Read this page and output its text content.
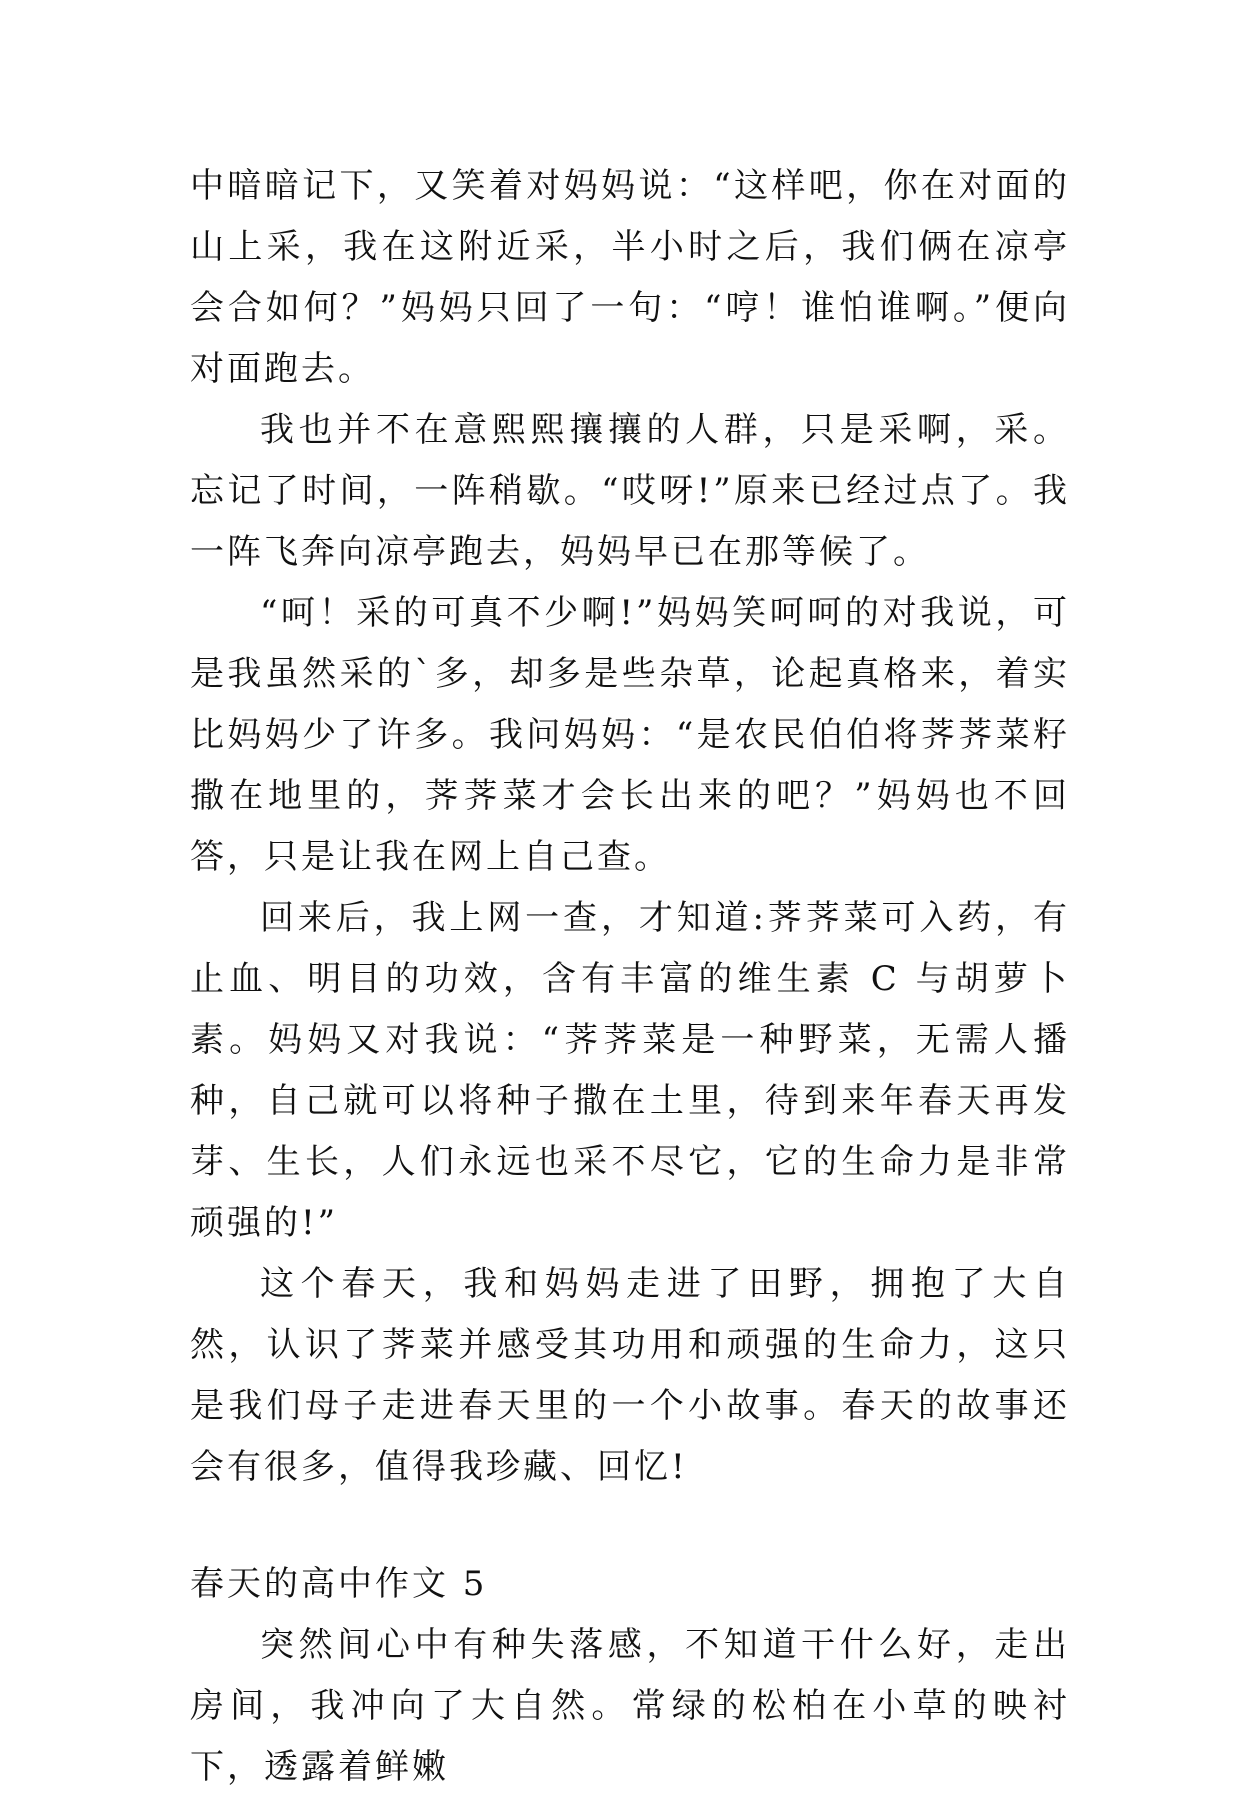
中暗暗记下，又笑着对妈妈说：“这样吧，你在对面的山上采，我在这附近采，半小时之后，我们俩在凉亭会合如何？”妈妈只回了一句：“哼！谁怕谁啊。”便向对面跑去。

我也并不在意熙熙攘攘的人群，只是采啊，采。忘记了时间，一阵稍歇。“哎呀!”原来已经过点了。我一阵飞奔向凉亭跑去，妈妈早已在那等候了。

“呵！采的可真不少啊!”妈妈笑呵呵的对我说，可是我虽然采的`多，却多是些杂草，论起真格来，着实比妈妈少了许多。我问妈妈：“是农民伯伯将荠荠菜籽撒在地里的，荠荠菜才会长出来的吧？”妈妈也不回答，只是让我在网上自己查。

回来后，我上网一查，才知道:荠荠菜可入药，有止血、明目的功效，含有丰富的维生素 C 与胡萝卜素。妈妈又对我说：“荠荠菜是一种野菜，无需人播种，自己就可以将种子撒在土里，待到来年春天再发芽、生长，人们永远也采不尽它，它的生命力是非常顽强的!”

这个春天，我和妈妈走进了田野，拥抱了大自然，认识了荠菜并感受其功用和顽强的生命力，这只是我们母子走进春天里的一个小故事。春天的故事还会有很多，值得我珍藏、回忆!

春天的高中作文 5

突然间心中有种失落感，不知道干什么好，走出房间，我冲向了大自然。常绿的松柏在小草的映衬下，透露着鲜嫩
